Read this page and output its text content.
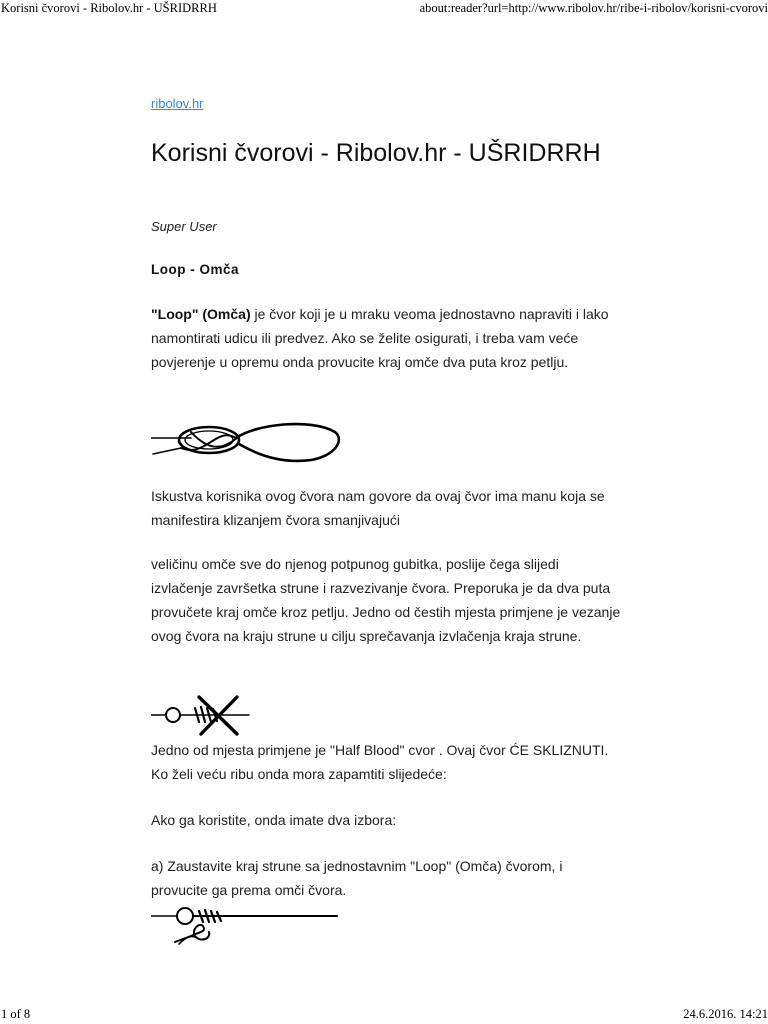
Korisni čvorovi - Ribolov.hr - UŠRIDRRH	about:reader?url=http://www.ribolov.hr/ribe-i-ribolov/korisni-cvorovi
ribolov.hr
Korisni čvorovi - Ribolov.hr - UŠRIDRRH
Super User
Loop - Omča

"Loop" (Omča) je čvor koji je u mraku veoma jednostavno napraviti i lako namontirati udicu ili predvez. Ako se želite osigurati, i treba vam veće povjerenje u opremu onda provucite kraj omče dva puta kroz petlju.

Iskustva korisnika ovog čvora nam govore da ovaj čvor ima manu koja se manifestira klizanjem čvora smanjivajući

veličinu omče sve do njenog potpunog gubitka, poslije čega slijedi izvlačenje završetka strune i razvezivanje čvora. Preporuka je da dva puta provučete kraj omče kroz petlju. Jedno od čestih mjesta primjene je vezanje ovog čvora na kraju strune u cilju sprečavanja izvlačenja kraja strune.

Jedno od mjesta primjene je "Half Blood" cvor . Ovaj čvor ĆE SKLIZNUTI. Ko želi veću ribu onda mora zapamtiti slijedeće:

Ako ga koristite, onda imate dva izbora:

a) Zaustavite kraj strune sa jednostavnim "Loop" (Omča) čvorom, i provucite ga prema omči čvora.

1 of 8	24.6.2016. 14:21
